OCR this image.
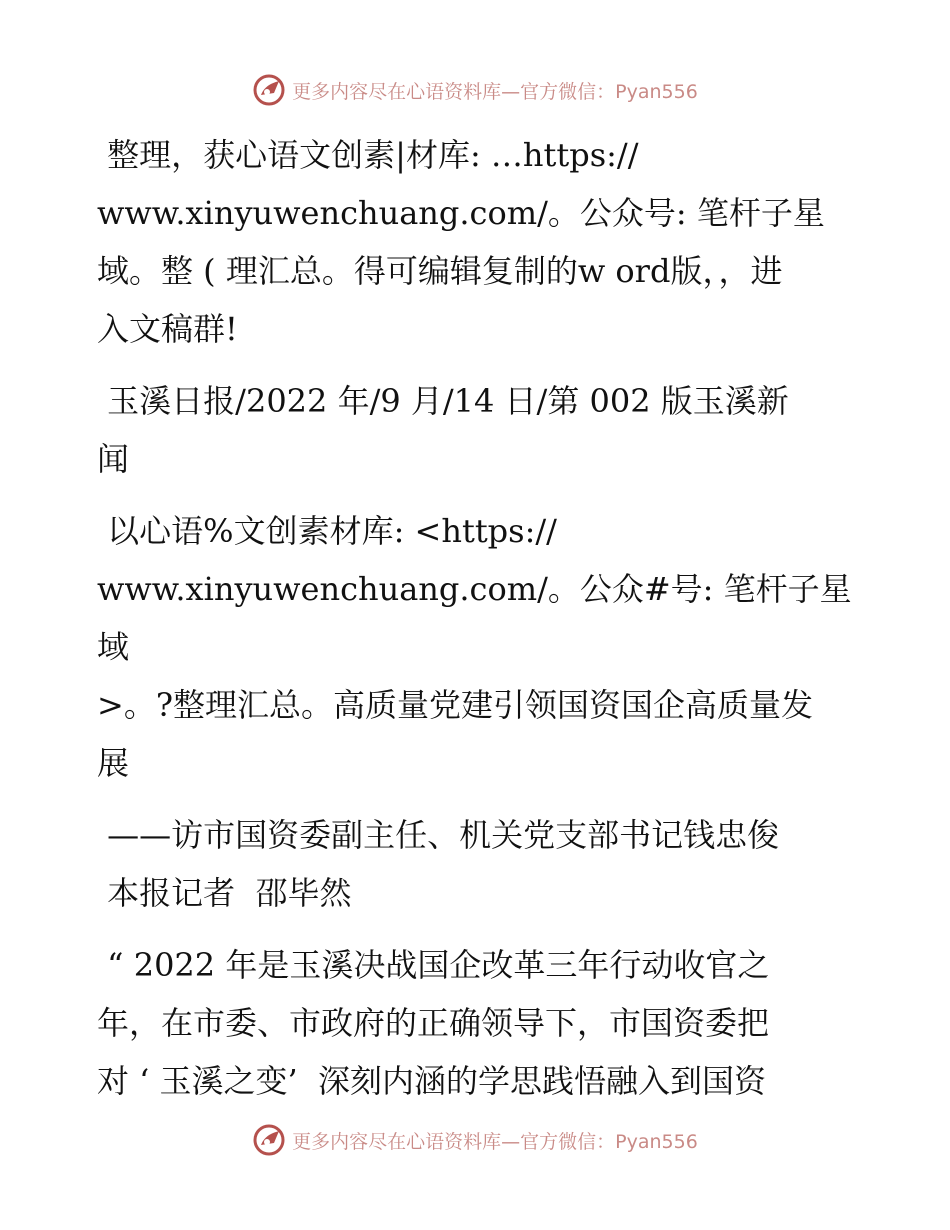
更多内容尽在心语资料库—官方微信：Pyan556

整理，获心语文创素|材库: …https://
www.xinyuwenchuang.com/。公众号: 笔杆子星
域。整 ( 理汇总。得可编辑复制的w ord版，，进
入文稿群!

玉溪日报/2022 年/9 月/14 日/第 002 版玉溪新
闻

以心语%文创素材库: <https://
www.xinyuwenchuang.com/。公众#号: 笔杆子星域
>。?整理汇总。高质量党建引领国资国企高质量发
展

——访市国资委副主任、机关党支部书记钱忠俊

本报记者  邵毕然

“ 2022 年是玉溪决战国企改革三年行动收官之
年，在市委、市政府的正确领导下，市国资委把
对 ‘ 玉溪之变’  深刻内涵的学思践悟融入到国资

更多内容尽在心语资料库—官方微信：Pyan556
